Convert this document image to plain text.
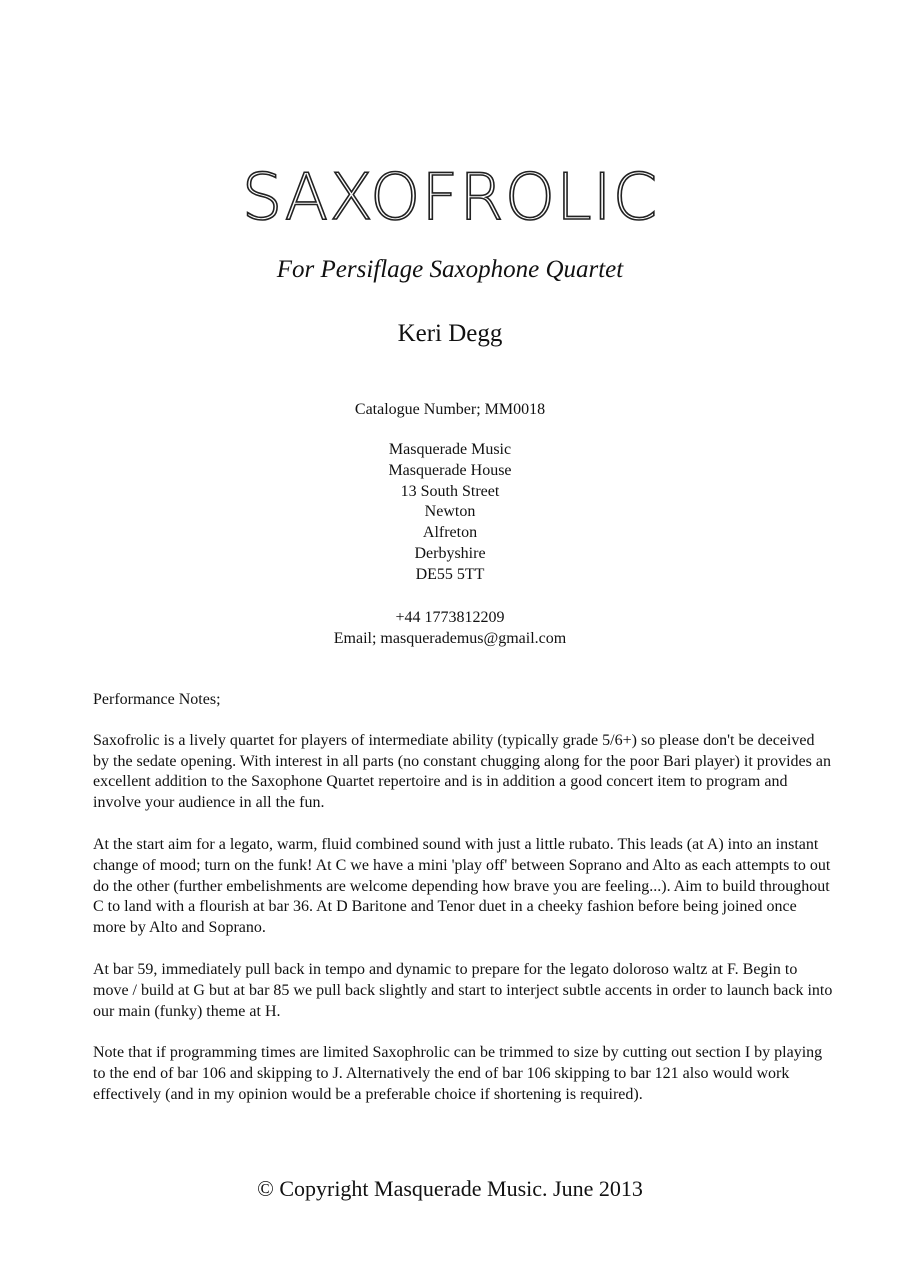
SAXOFROLIC
For Persiflage Saxophone Quartet
Keri Degg
Catalogue Number; MM0018
Masquerade Music
Masquerade House
13 South Street
Newton
Alfreton
Derbyshire
DE55 5TT
+44 1773812209
Email; masquerademus@gmail.com

Performance Notes;

Saxofrolic is a lively quartet for players of intermediate ability (typically grade 5/6+) so please don't be deceived by the sedate opening. With interest in all parts (no constant chugging along for the poor Bari player) it provides an excellent addition to the Saxophone Quartet repertoire and is in addition a good concert item to program and involve your audience in all the fun.

At the start aim for a legato, warm, fluid combined sound with just a little rubato. This leads (at A) into an instant change of mood; turn on the funk! At C we have a mini 'play off' between Soprano and Alto as each attempts to out do the other (further embelishments are welcome depending how brave you are feeling...). Aim to build throughout C to land with a flourish at bar 36. At D Baritone and Tenor duet in a cheeky fashion before being joined once more by Alto and Soprano.

At bar 59, immediately pull back in tempo and dynamic to prepare for the legato doloroso waltz at F. Begin to move / build at G but at bar 85 we pull back slightly and start to interject subtle accents in order to launch back into our main (funky) theme at H.

Note that if programming times are limited Saxophrolic can be trimmed to size by cutting out section I by playing to the end of bar 106 and skipping to J. Alternatively the end of bar 106 skipping to bar 121 also would work effectively (and in my opinion would be a preferable choice if shortening is required).

© Copyright Masquerade Music. June 2013
